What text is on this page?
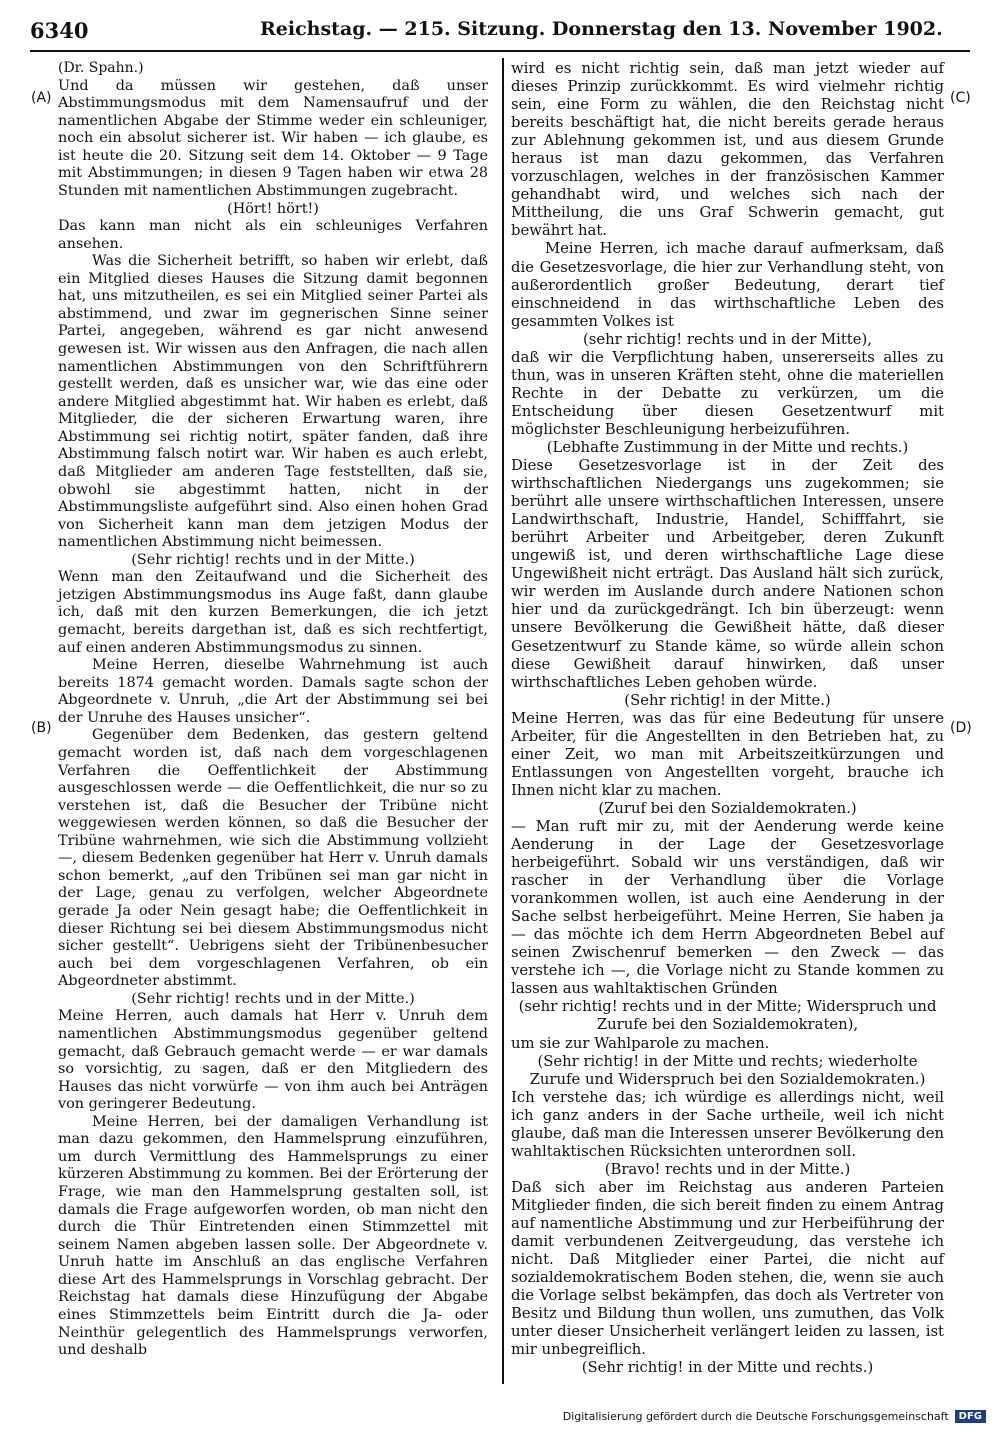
6340	Reichstag. — 215. Sitzung. Donnerstag den 13. November 1902.
(A)
(B)
(C)
(D)

(Dr. Spahn.)

Und da müssen wir gestehen, daß unser Abstimmungsmodus mit dem Namensaufruf und der namentlichen Abgabe der Stimme weder ein schleuniger, noch ein absolut sicherer ist. Wir haben — ich glaube, es ist heute die 20. Sitzung seit dem 14. Oktober — 9 Tage mit Abstimmungen; in diesen 9 Tagen haben wir etwa 28 Stunden mit namentlichen Abstimmungen zugebracht.

(Hört! hört!)

Das kann man nicht als ein schleuniges Verfahren ansehen.

Was die Sicherheit betrifft, so haben wir erlebt, daß ein Mitglied dieses Hauses die Sitzung damit begonnen hat, uns mitzutheilen, es sei ein Mitglied seiner Partei als abstimmend, und zwar im gegnerischen Sinne seiner Partei, angegeben, während es gar nicht anwesend gewesen ist. Wir wissen aus den Anfragen, die nach allen namentlichen Abstimmungen von den Schriftführern gestellt werden, daß es unsicher war, wie das eine oder andere Mitglied abgestimmt hat. Wir haben es erlebt, daß Mitglieder, die der sicheren Erwartung waren, ihre Abstimmung sei richtig notirt, später fanden, daß ihre Abstimmung falsch notirt war. Wir haben es auch erlebt, daß Mitglieder am anderen Tage feststellten, daß sie, obwohl sie abgestimmt hatten, nicht in der Abstimmungsliste aufgeführt sind. Also einen hohen Grad von Sicherheit kann man dem jetzigen Modus der namentlichen Abstimmung nicht beimessen.

(Sehr richtig! rechts und in der Mitte.)

Wenn man den Zeitaufwand und die Sicherheit des jetzigen Abstimmungsmodus ins Auge faßt, dann glaube ich, daß mit den kurzen Bemerkungen, die ich jetzt gemacht, bereits dargethan ist, daß es sich rechtfertigt, auf einen anderen Abstimmungsmodus zu sinnen.

Meine Herren, dieselbe Wahrnehmung ist auch bereits 1874 gemacht worden. Damals sagte schon der Abgeordnete v. Unruh, „die Art der Abstimmung sei bei der Unruhe des Hauses unsicher“.

Gegenüber dem Bedenken, das gestern geltend gemacht worden ist, daß nach dem vorgeschlagenen Verfahren die Oeffentlichkeit der Abstimmung ausgeschlossen werde — die Oeffentlichkeit, die nur so zu verstehen ist, daß die Besucher der Tribüne nicht weggewiesen werden können, so daß die Besucher der Tribüne wahrnehmen, wie sich die Abstimmung vollzieht —, diesem Bedenken gegenüber hat Herr v. Unruh damals schon bemerkt, „auf den Tribünen sei man gar nicht in der Lage, genau zu verfolgen, welcher Abgeordnete gerade Ja oder Nein gesagt habe; die Oeffentlichkeit in dieser Richtung sei bei diesem Abstimmungsmodus nicht sicher gestellt“. Uebrigens sieht der Tribünenbesucher auch bei dem vorgeschlagenen Verfahren, ob ein Abgeordneter abstimmt.

(Sehr richtig! rechts und in der Mitte.)

Meine Herren, auch damals hat Herr v. Unruh dem namentlichen Abstimmungsmodus gegenüber geltend gemacht, daß Gebrauch gemacht werde — er war damals so vorsichtig, zu sagen, daß er den Mitgliedern des Hauses das nicht vorwürfe — von ihm auch bei Anträgen von geringerer Bedeutung.

Meine Herren, bei der damaligen Verhandlung ist man dazu gekommen, den Hammelsprung einzuführen, um durch Vermittlung des Hammelsprungs zu einer kürzeren Abstimmung zu kommen. Bei der Erörterung der Frage, wie man den Hammelsprung gestalten soll, ist damals die Frage aufgeworfen worden, ob man nicht den durch die Thür Eintretenden einen Stimmzettel mit seinem Namen abgeben lassen solle. Der Abgeordnete v. Unruh hatte im Anschluß an das englische Verfahren diese Art des Hammelsprungs in Vorschlag gebracht. Der Reichstag hat damals diese Hinzufügung der Abgabe eines Stimmzettels beim Eintritt durch die Ja- oder Neinthür gelegentlich des Hammelsprungs verworfen, und deshalb

wird es nicht richtig sein, daß man jetzt wieder auf dieses Prinzip zurückkommt. Es wird vielmehr richtig sein, eine Form zu wählen, die den Reichstag nicht bereits beschäftigt hat, die nicht bereits gerade heraus zur Ablehnung gekommen ist, und aus diesem Grunde heraus ist man dazu gekommen, das Verfahren vorzuschlagen, welches in der französischen Kammer gehandhabt wird, und welches sich nach der Mittheilung, die uns Graf Schwerin gemacht, gut bewährt hat.

Meine Herren, ich mache darauf aufmerksam, daß die Gesetzesvorlage, die hier zur Verhandlung steht, von außerordentlich großer Bedeutung, derart tief einschneidend in das wirthschaftliche Leben des gesammten Volkes ist

(sehr richtig! rechts und in der Mitte),

daß wir die Verpflichtung haben, unsererseits alles zu thun, was in unseren Kräften steht, ohne die materiellen Rechte in der Debatte zu verkürzen, um die Entscheidung über diesen Gesetzentwurf mit möglichster Beschleunigung herbeizuführen.

(Lebhafte Zustimmung in der Mitte und rechts.)

Diese Gesetzesvorlage ist in der Zeit des wirthschaftlichen Niedergangs uns zugekommen; sie berührt alle unsere wirthschaftlichen Interessen, unsere Landwirthschaft, Industrie, Handel, Schifffahrt, sie berührt Arbeiter und Arbeitgeber, deren Zukunft ungewiß ist, und deren wirthschaftliche Lage diese Ungewißheit nicht erträgt. Das Ausland hält sich zurück, wir werden im Auslande durch andere Nationen schon hier und da zurückgedrängt. Ich bin überzeugt: wenn unsere Bevölkerung die Gewißheit hätte, daß dieser Gesetzentwurf zu Stande käme, so würde allein schon diese Gewißheit darauf hinwirken, daß unser wirthschaftliches Leben gehoben würde.

(Sehr richtig! in der Mitte.)

Meine Herren, was das für eine Bedeutung für unsere Arbeiter, für die Angestellten in den Betrieben hat, zu einer Zeit, wo man mit Arbeitszeitkürzungen und Entlassungen von Angestellten vorgeht, brauche ich Ihnen nicht klar zu machen.

(Zuruf bei den Sozialdemokraten.)

— Man ruft mir zu, mit der Aenderung werde keine Aenderung in der Lage der Gesetzesvorlage herbeigeführt. Sobald wir uns verständigen, daß wir rascher in der Verhandlung über die Vorlage vorankommen wollen, ist auch eine Aenderung in der Sache selbst herbeigeführt. Meine Herren, Sie haben ja — das möchte ich dem Herrn Abgeordneten Bebel auf seinen Zwischenruf bemerken — den Zweck — das verstehe ich —, die Vorlage nicht zu Stande kommen zu lassen aus wahltaktischen Gründen

(sehr richtig! rechts und in der Mitte; Widerspruch und Zurufe bei den Sozialdemokraten),

um sie zur Wahlparole zu machen.

(Sehr richtig! in der Mitte und rechts; wiederholte Zurufe und Widerspruch bei den Sozialdemokraten.)

Ich verstehe das; ich würdige es allerdings nicht, weil ich ganz anders in der Sache urtheile, weil ich nicht glaube, daß man die Interessen unserer Bevölkerung den wahltaktischen Rücksichten unterordnen soll.

(Bravo! rechts und in der Mitte.)

Daß sich aber im Reichstag aus anderen Parteien Mitglieder finden, die sich bereit finden zu einem Antrag auf namentliche Abstimmung und zur Herbeiführung der damit verbundenen Zeitvergeudung, das verstehe ich nicht. Daß Mitglieder einer Partei, die nicht auf sozialdemokratischem Boden stehen, die, wenn sie auch die Vorlage selbst bekämpfen, das doch als Vertreter von Besitz und Bildung thun wollen, uns zumuthen, das Volk unter dieser Unsicherheit verlängert leiden zu lassen, ist mir unbegreiflich.

(Sehr richtig! in der Mitte und rechts.)

Digitalisierung gefördert durch die Deutsche Forschungsgemeinschaft	DFG
